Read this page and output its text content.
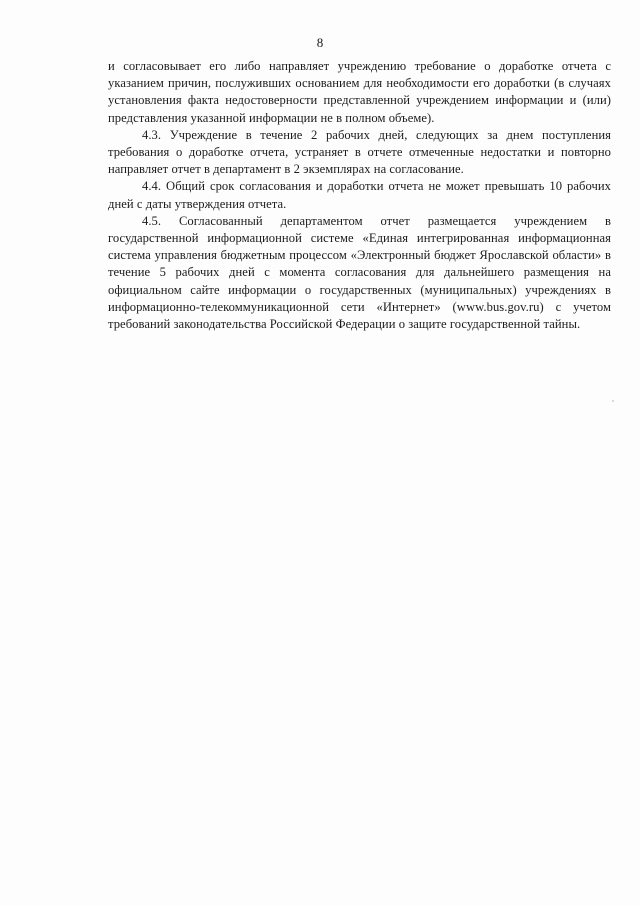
8

и согласовывает его либо направляет учреждению требование о доработке отчета с указанием причин, послуживших основанием для необходимости его доработки (в случаях установления факта недостоверности представленной учреждением информации и (или) представления указанной информации не в полном объеме).

4.3. Учреждение в течение 2 рабочих дней, следующих за днем поступления требования о доработке отчета, устраняет в отчете отмеченные недостатки и повторно направляет отчет в департамент в 2 экземплярах на согласование.

4.4. Общий срок согласования и доработки отчета не может превышать 10 рабочих дней с даты утверждения отчета.

4.5. Согласованный департаментом отчет размещается учреждением в государственной информационной системе «Единая интегрированная информационная система управления бюджетным процессом «Электронный бюджет Ярославской области» в течение 5 рабочих дней с момента согласования для дальнейшего размещения на официальном сайте информации о государственных (муниципальных) учреждениях в информационно-телекоммуникационной сети «Интернет» (www.bus.gov.ru) с учетом требований законодательства Российской Федерации о защите государственной тайны.
